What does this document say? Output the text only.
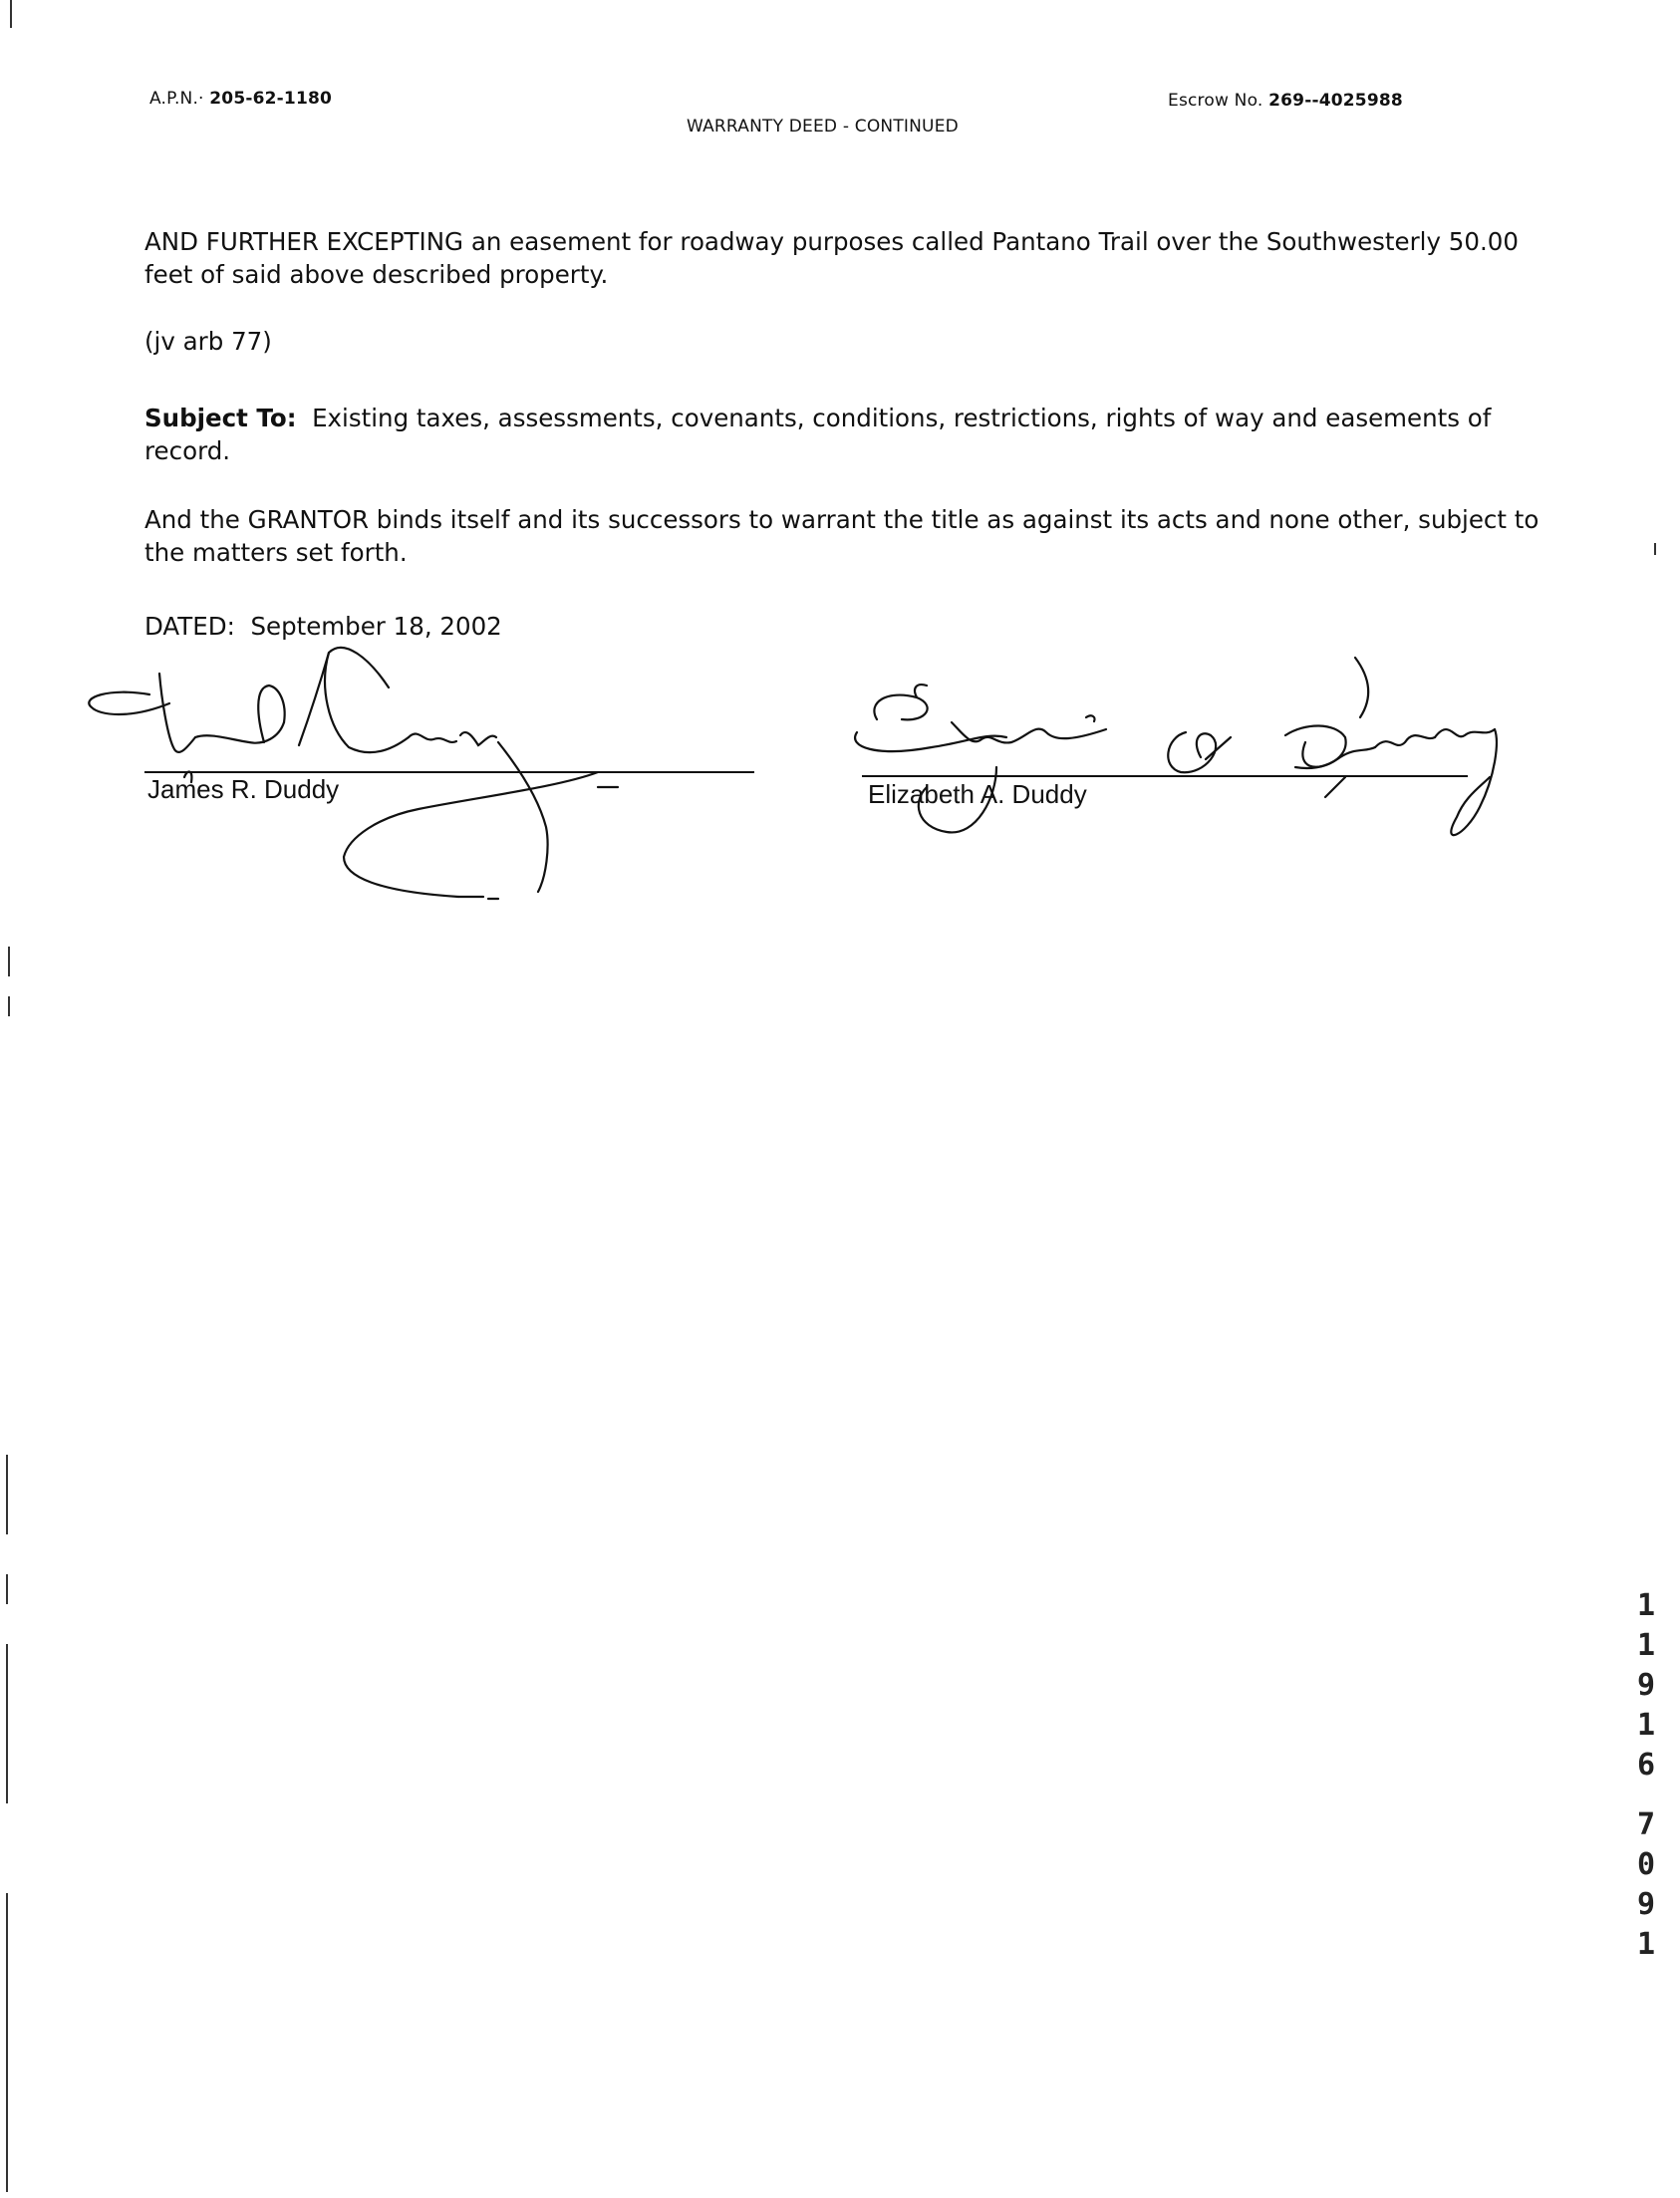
A.P.N.· 205-62-1180
WARRANTY DEED - CONTINUED
Escrow No. 269--4025988
AND FURTHER EXCEPTING an easement for roadway purposes called Pantano Trail over the Southwesterly 50.00 feet of said above described property.
(jv arb 77)
Subject To: Existing taxes, assessments, covenants, conditions, restrictions, rights of way and easements of record.
And the GRANTOR binds itself and its successors to warrant the title as against its acts and none other, subject to the matters set forth.
DATED: September 18, 2002
James R. Duddy	Elizabeth A. Duddy
1
1
9
1
6
7
0
9
1
